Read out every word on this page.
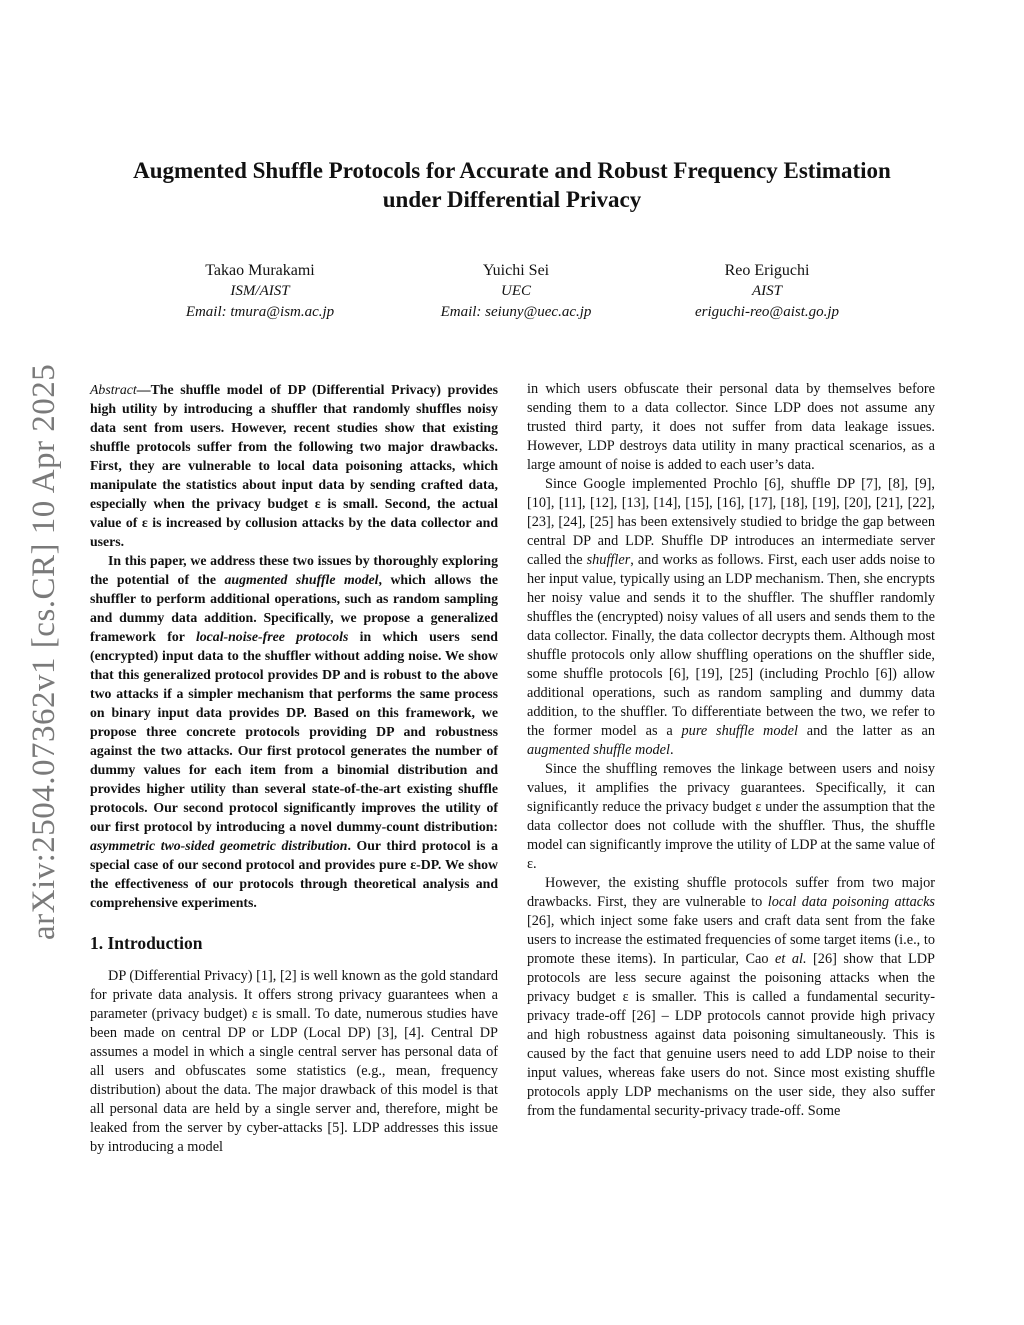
arXiv:2504.07362v1 [cs.CR] 10 Apr 2025
Augmented Shuffle Protocols for Accurate and Robust Frequency Estimation
under Differential Privacy
Takao Murakami
ISM/AIST
Email: tmura@ism.ac.jp
Yuichi Sei
UEC
Email: seiuny@uec.ac.jp
Reo Eriguchi
AIST
eriguchi-reo@aist.go.jp

Abstract—The shuffle model of DP (Differential Privacy) provides high utility by introducing a shuffler that randomly shuffles noisy data sent from users. However, recent studies show that existing shuffle protocols suffer from the following two major drawbacks. First, they are vulnerable to local data poisoning attacks, which manipulate the statistics about input data by sending crafted data, especially when the privacy budget ε is small. Second, the actual value of ε is increased by collusion attacks by the data collector and users.

In this paper, we address these two issues by thoroughly exploring the potential of the augmented shuffle model, which allows the shuffler to perform additional operations, such as random sampling and dummy data addition. Specifically, we propose a generalized framework for local-noise-free protocols in which users send (encrypted) input data to the shuffler without adding noise. We show that this generalized protocol provides DP and is robust to the above two attacks if a simpler mechanism that performs the same process on binary input data provides DP. Based on this framework, we propose three concrete protocols providing DP and robustness against the two attacks. Our first protocol generates the number of dummy values for each item from a binomial distribution and provides higher utility than several state-of-the-art existing shuffle protocols. Our second protocol significantly improves the utility of our first protocol by introducing a novel dummy-count distribution: asymmetric two-sided geometric distribution. Our third protocol is a special case of our second protocol and provides pure ε-DP. We show the effectiveness of our protocols through theoretical analysis and comprehensive experiments.

1. Introduction

DP (Differential Privacy) [1], [2] is well known as the gold standard for private data analysis. It offers strong privacy guarantees when a parameter (privacy budget) ε is small. To date, numerous studies have been made on central DP or LDP (Local DP) [3], [4]. Central DP assumes a model in which a single central server has personal data of all users and obfuscates some statistics (e.g., mean, frequency distribution) about the data. The major drawback of this model is that all personal data are held by a single server and, therefore, might be leaked from the server by cyber-attacks [5]. LDP addresses this issue by introducing a model

in which users obfuscate their personal data by themselves before sending them to a data collector. Since LDP does not assume any trusted third party, it does not suffer from data leakage issues. However, LDP destroys data utility in many practical scenarios, as a large amount of noise is added to each user’s data.

Since Google implemented Prochlo [6], shuffle DP [7], [8], [9], [10], [11], [12], [13], [14], [15], [16], [17], [18], [19], [20], [21], [22], [23], [24], [25] has been extensively studied to bridge the gap between central DP and LDP. Shuffle DP introduces an intermediate server called the shuffler, and works as follows. First, each user adds noise to her input value, typically using an LDP mechanism. Then, she encrypts her noisy value and sends it to the shuffler. The shuffler randomly shuffles the (encrypted) noisy values of all users and sends them to the data collector. Finally, the data collector decrypts them. Although most shuffle protocols only allow shuffling operations on the shuffler side, some shuffle protocols [6], [19], [25] (including Prochlo [6]) allow additional operations, such as random sampling and dummy data addition, to the shuffler. To differentiate between the two, we refer to the former model as a pure shuffle model and the latter as an augmented shuffle model.

Since the shuffling removes the linkage between users and noisy values, it amplifies the privacy guarantees. Specifically, it can significantly reduce the privacy budget ε under the assumption that the data collector does not collude with the shuffler. Thus, the shuffle model can significantly improve the utility of LDP at the same value of ε.

However, the existing shuffle protocols suffer from two major drawbacks. First, they are vulnerable to local data poisoning attacks [26], which inject some fake users and craft data sent from the fake users to increase the estimated frequencies of some target items (i.e., to promote these items). In particular, Cao et al. [26] show that LDP protocols are less secure against the poisoning attacks when the privacy budget ε is smaller. This is called a fundamental security-privacy trade-off [26] – LDP protocols cannot provide high privacy and high robustness against data poisoning simultaneously. This is caused by the fact that genuine users need to add LDP noise to their input values, whereas fake users do not. Since most existing shuffle protocols apply LDP mechanisms on the user side, they also suffer from the fundamental security-privacy trade-off. Some
